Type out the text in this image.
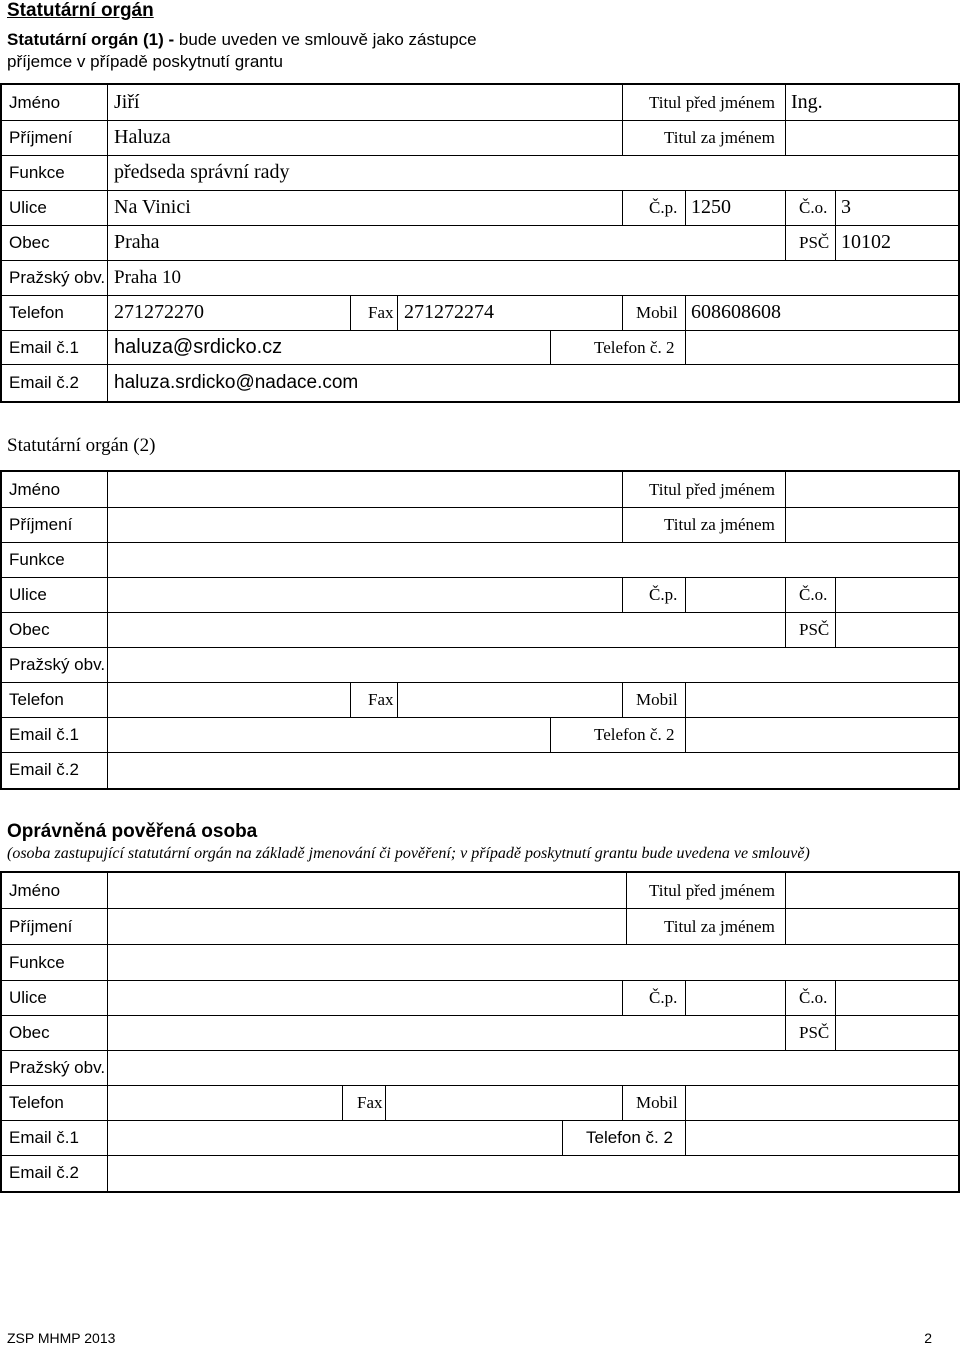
Statutární orgán
Statutární orgán (1) - bude uveden ve smlouvě jako zástupce
příjemce v případě poskytnutí grantu
Jméno	Jiří	Titul před jménem Ing.
Příjmení Haluza	Titul za jménem
Funkce předseda správní rady
Ulice	Na Vinici	Č.p. 1250	Č.o. 3
Obec	Praha	PSČ 10102
Pražský obv. Praha 10
Telefon	271272270	Fax 271272274	Mobil 608608608
Email č.1 haluza@srdicko.cz	Telefon č. 2
Email č.2 haluza.srdicko@nadace.com
Statutární orgán (2)
Jméno	Titul před jménem
Příjmení	Titul za jménem
Funkce
Ulice	Č.p.	Č.o.
Obec	PSČ
Pražský obv.
Telefon	Fax	Mobil
Email č.1	Telefon č. 2
Email č.2
Oprávněná pověřená osoba
(osoba zastupující statutární orgán na základě jmenování či pověření; v případě poskytnutí grantu bude uvedena ve smlouvě)
Jméno	Titul před jménem
Příjmení	Titul za jménem
Funkce
Ulice	Č.p.	Č.o.
Obec	PSČ
Pražský obv.
Telefon	Fax	Mobil
Email č.1	Telefon č. 2
Email č.2
ZSP MHMP 2013	2
